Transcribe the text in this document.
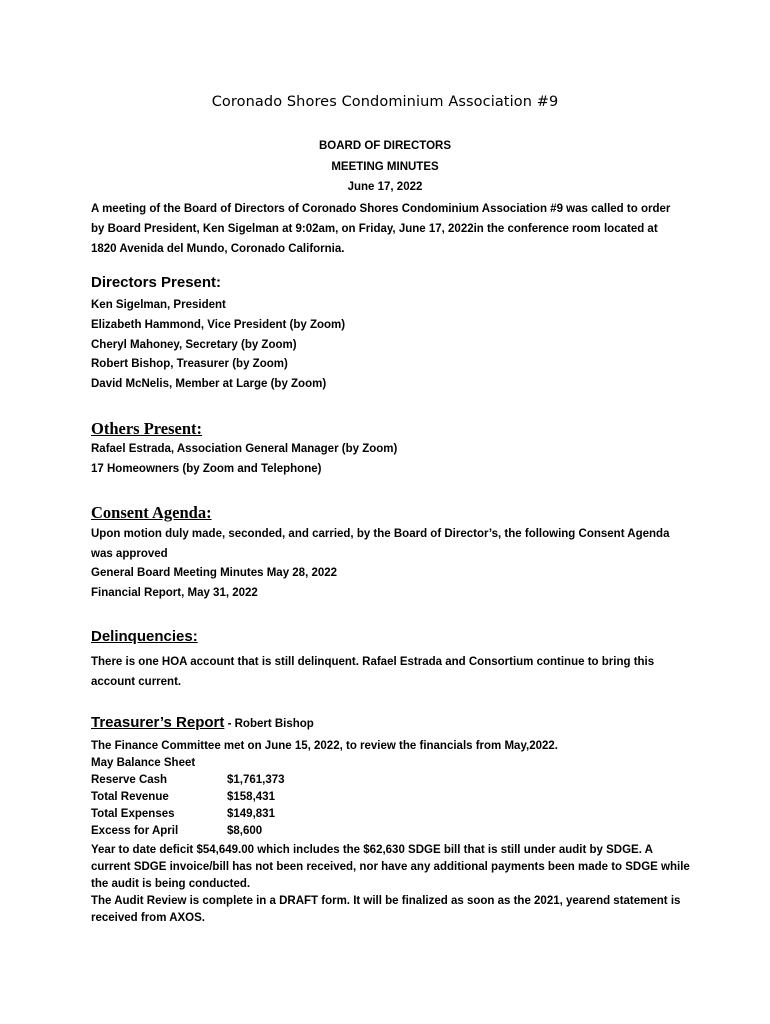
Coronado Shores Condominium Association #9
BOARD OF DIRECTORS
MEETING MINUTES
June 17, 2022
A meeting of the Board of Directors of Coronado Shores Condominium Association #9 was called to order by Board President, Ken Sigelman at 9:02am, on Friday, June 17, 2022in the conference room located at 1820 Avenida del Mundo, Coronado California.
Directors Present:
Ken Sigelman, President
Elizabeth Hammond, Vice President (by Zoom)
Cheryl Mahoney, Secretary (by Zoom)
Robert Bishop, Treasurer (by Zoom)
David McNelis, Member at Large (by Zoom)
Others Present:
Rafael Estrada, Association General Manager (by Zoom)
17 Homeowners (by Zoom and Telephone)
Consent Agenda:
Upon motion duly made, seconded, and carried, by the Board of Director’s, the following Consent Agenda was approved
General Board Meeting Minutes May 28, 2022
Financial Report, May 31, 2022
Delinquencies:
There is one HOA account that is still delinquent. Rafael Estrada and Consortium continue to bring this account current.
Treasurer’s Report - Robert Bishop
The Finance Committee met on June 15, 2022, to review the financials from May,2022.
May Balance Sheet
Reserve Cash	$1,761,373
Total Revenue	$158,431
Total Expenses	$149,831
Excess for April	$8,600
Year to date deficit $54,649.00 which includes the $62,630 SDGE bill that is still under audit by SDGE. A current SDGE invoice/bill has not been received, nor have any additional payments been made to SDGE while the audit is being conducted.
The Audit Review is complete in a DRAFT form. It will be finalized as soon as the 2021, yearend statement is received from AXOS.
